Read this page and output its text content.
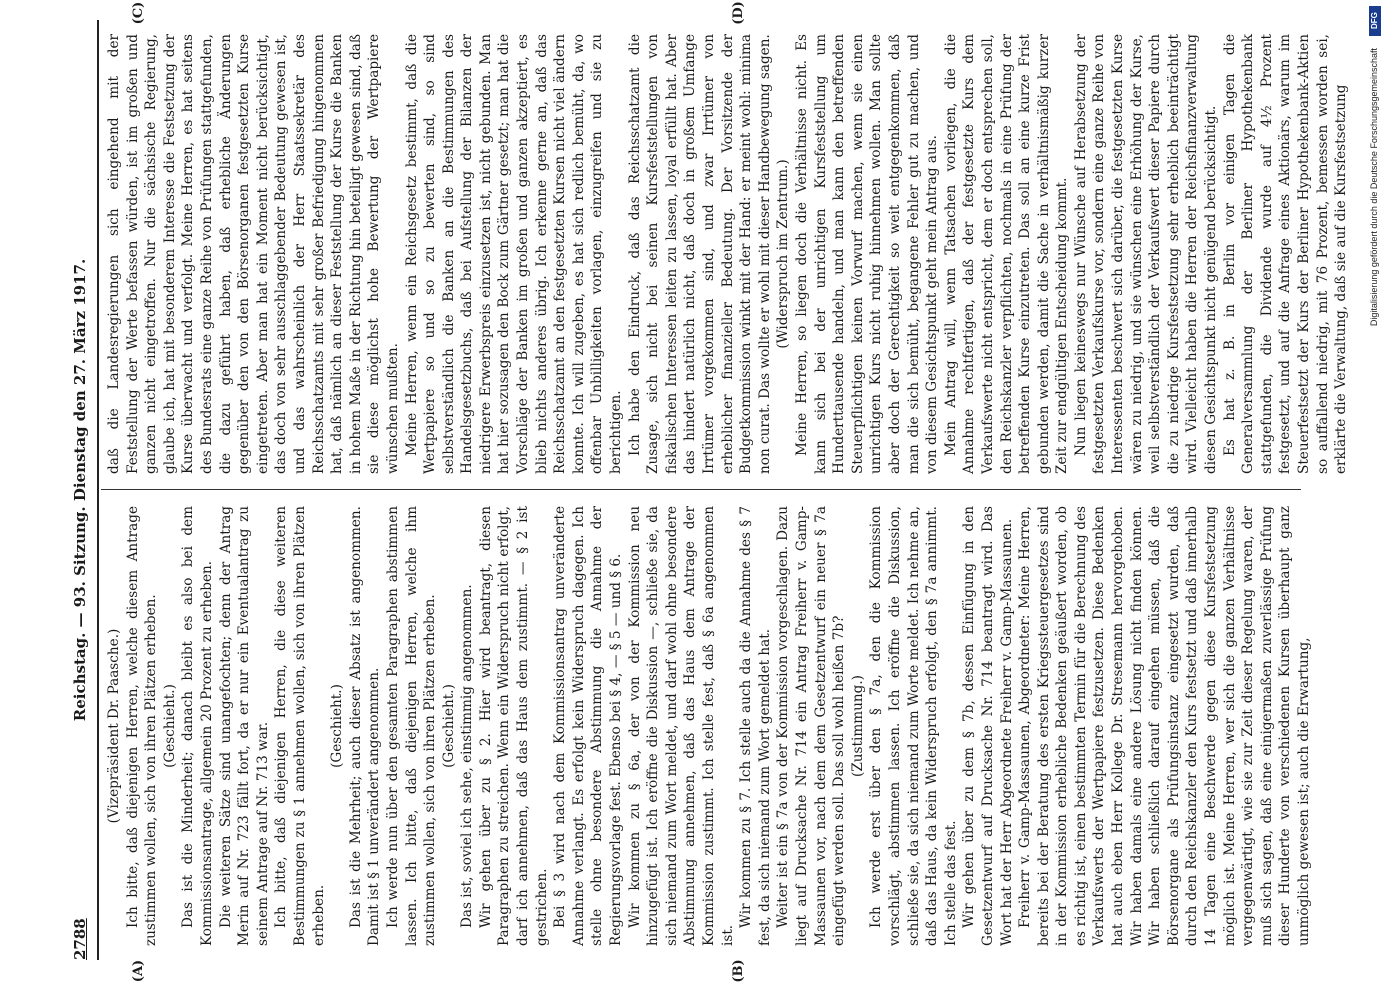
2788
Reichstag. — 93. Sitzung. Dienstag den 27. März 1917.

(Vizepräsident Dr. Paasche.) Ich bitte, daß diejenigen Herren, welche diesem Antrage zustimmen wollen, sich von ihren Plätzen erheben. (Geschieht.) Das ist die Minderheit; danach bleibt es also bei dem Kommissionsantrage, allgemein 20 Prozent zu erheben. Die weiteren Sätze sind unangefochten; denn der Antrag Merin auf Nr. 723 fällt fort, da er nur ein Eventualantrag zu seinem Antrage auf Nr. 713 war. Ich bitte, daß diejenigen Herren, die diese weiteren Bestimmungen zu § 1 annehmen wollen, sich von ihren Plätzen erheben.

(Geschieht.) Das ist die Mehrheit; auch dieser Absatz ist angenommen. Damit ist § 1 unverändert angenommen. Ich werde nun über den gesamten Paragraphen abstimmen lassen. Ich bitte, daß diejenigen Herren, welche ihm zustimmen wollen, sich von ihren Plätzen erheben. (Geschieht.) Das ist, soviel ich sehe, einstimmig angenommen. Wir gehen über zu § 2. Hier wird beantragt, diesen Paragraphen zu streichen. Wenn ein Widerspruch nicht erfolgt, darf ich annehmen, daß das Haus dem zustimmt. — § 2 ist gestrichen. Bei § 3 wird nach dem Kommissionsantrag unveränderte Annahme verlangt. Es erfolgt kein Widerspruch dagegen. Ich stelle ohne besondere Abstimmung die Annahme der Regierungsvorlage fest. Ebenso bei § 4, — § 5 — und § 6. Wir kommen zu § 6a, der von der Kommission neu hinzugefügt ist. Ich eröffne die Diskussion —, schließe sie, da sich niemand zum Wort meldet, und darf wohl ohne besondere Abstimmung annehmen, daß das Haus dem Antrage der Kommission zustimmt. Ich stelle fest, daß § 6a angenommen ist.

Wir kommen zu § 7. Ich stelle auch da die Annahme des § 7 fest, da sich niemand zum Wort gemeldet hat. Weiter ist ein § 7a von der Kommission vorgeschlagen. Dazu liegt auf Drucksache Nr. 714 ein Antrag Freiherr v. Gamp-Massaunen vor, nach dem dem Gesetzentwurf ein neuer § 7a eingefügt werden soll. Das soll wohl heißen 7b? (Zustimmung.) Ich werde erst über den § 7a, den die Kommission vorschlägt, abstimmen lassen. Ich eröffne die Diskussion, schließe sie, da sich niemand zum Worte meldet. Ich nehme an, daß das Haus, da kein Widerspruch erfolgt, den § 7a annimmt. Ich stelle das fest. Wir gehen über zu dem § 7b, dessen Einfügung in den Gesetzentwurf auf Drucksache Nr. 714 beantragt wird. Das Wort hat der Herr Abgeordnete Freiherr v. Gamp-Massaunen. Freiherr v. Gamp-Massaunen, Abgeordneter: Meine Herren, bereits bei der Beratung des ersten Kriegssteuergesetzes sind in der Kommission erhebliche Bedenken geäußert worden, ob es richtig ist, einen bestimmten Termin für die Berechnung des Verkaufswerts der Wertpapiere festzusetzen. Diese Bedenken hat auch eben Herr Kollege Dr. Stresemann hervorgehoben. Wir haben damals eine andere Lösung nicht finden können. Wir haben schließlich darauf eingehen müssen, daß die Börsenorgane als Prüfungsinstanz eingesetzt wurden, daß durch den Reichskanzler den Kurs festsetzt und daß innerhalb 14 Tagen eine Beschwerde gegen diese Kursfestsetzung möglich ist. Meine Herren, wer sich die ganzen Verhältnisse vergegenwärtigt, wie sie zur Zeit dieser Regelung waren, der muß sich sagen, daß eine einigermaßen zuverlässige Prüfung dieser Hunderte von verschiedenen Kursen überhaupt ganz unmöglich gewesen ist; auch die Erwartung,

daß die Landesregierungen sich eingehend mit der Feststellung der Werte befassen würden, ist im großen und ganzen nicht eingetroffen. Nur die sächsische Regierung, glaube ich, hat mit besonderem Interesse die Festsetzung der Kurse überwacht und verfolgt. Meine Herren, es hat seitens des Bundesrats eine ganze Reihe von Prüfungen stattgefunden, die dazu geführt haben, daß erhebliche Änderungen gegenüber den von den Börsenorganen festgesetzten Kurse eingetreten. Aber man hat ein Moment nicht berücksichtigt, das doch von sehr ausschlaggebender Bedeutung gewesen ist, und das wahrscheinlich der Herr Staatssekretär des Reichsschatzamts mit sehr großer Befriedigung hingenommen hat, daß nämlich an dieser Feststellung der Kurse die Banken in hohem Maße in der Richtung hin beteiligt gewesen sind, daß sie diese möglichst hohe Bewertung der Wertpapiere wünschen mußten. Meine Herren, wenn ein Reichsgesetz bestimmt, daß die Wertpapiere so und so zu bewerten sind, so sind selbstverständlich die Banken an die Bestimmungen des Handelsgesetzbuchs, daß bei Aufstellung der Bilanzen der niedrigere Erwerbspreis einzusetzen ist, nicht gebunden. Man hat hier sozusagen den Bock zum Gärtner gesetzt; man hat die Vorschläge der Banken im großen und ganzen akzeptiert, es blieb nichts anderes übrig. Ich erkenne gerne an, daß das Reichsschatzamt an den festgesetzten Kursen nicht viel ändern konnte. Ich will zugeben, es hat sich redlich bemüht, da, wo offenbar Unbilligkeiten vorlagen, einzugreifen und sie zu berichtigen. Ich habe den Eindruck, daß das Reichsschatzamt die Zusage, sich nicht bei seinen Kursfeststellungen von fiskalischen Interessen leiten zu lassen, loyal erfüllt hat. Aber das hindert natürlich nicht, daß doch in großem Umfange Irrtümer vorgekommen sind, und zwar Irrtümer von erheblicher finanzieller Bedeutung. Der Vorsitzende der Budgetkommission winkt mit der Hand: er meint wohl: minima non curat. Das wollte er wohl mit dieser Handbewegung sagen. (Widerspruch im Zentrum.) Meine Herren, so liegen doch die Verhältnisse nicht. Es kann sich bei der unrichtigen Kursfeststellung um Hunderttausende handeln, und man kann den betreffenden Steuerpflichtigen keinen Vorwurf machen, wenn sie einen unrichtigen Kurs nicht ruhig hinnehmen wollen. Man sollte aber doch der Gerechtigkeit so weit entgegenkommen, daß man die sich bemüht, begangene Fehler gut zu machen, und von diesem Gesichtspunkt geht mein Antrag aus. Mein Antrag will, wenn Tatsachen vorliegen, die die Annahme rechtfertigen, daß der festgesetzte Kurs dem Verkaufswerte nicht entspricht, dem er doch entsprechen soll, den Reichskanzler verpflichten, nochmals in eine Prüfung der betreffenden Kurse einzutreten. Das soll an eine kurze Frist gebunden werden, damit die Sache in verhältnismäßig kurzer Zeit zur endgültigen Entscheidung kommt. Nun liegen keineswegs nur Wünsche auf Herabsetzung der festgesetzten Verkaufskurse vor, sondern eine ganze Reihe von Interessenten beschwert sich darüber, die festgesetzten Kurse wären zu niedrig, und sie wünschen eine Erhöhung der Kurse, weil selbstverständlich der Verkaufswert dieser Papiere durch die zu niedrige Kursfestsetzung sehr erheblich beeinträchtigt wird. Vielleicht haben die Herren der Reichsfinanzverwaltung diesen Gesichtspunkt nicht genügend berücksichtigt. Es hat z. B. in Berlin vor einigen Tagen die Generalversammlung der Berliner Hypothekenbank stattgefunden, die Dividende wurde auf 4½ Prozent festgesetzt, und auf die Anfrage eines Aktionärs, warum im Steuerfestsetzt der Kurs der Berliner Hypothekenbank-Aktien so auffallend niedrig, mit 76 Prozent, bemessen worden sei, erklärte die Verwaltung, daß sie auf die Kursfestsetzung

(A)	(B)
(C)	(D)	DFG
Digitalisierung gefördert durch die Deutsche Forschungsgemeinschaft
